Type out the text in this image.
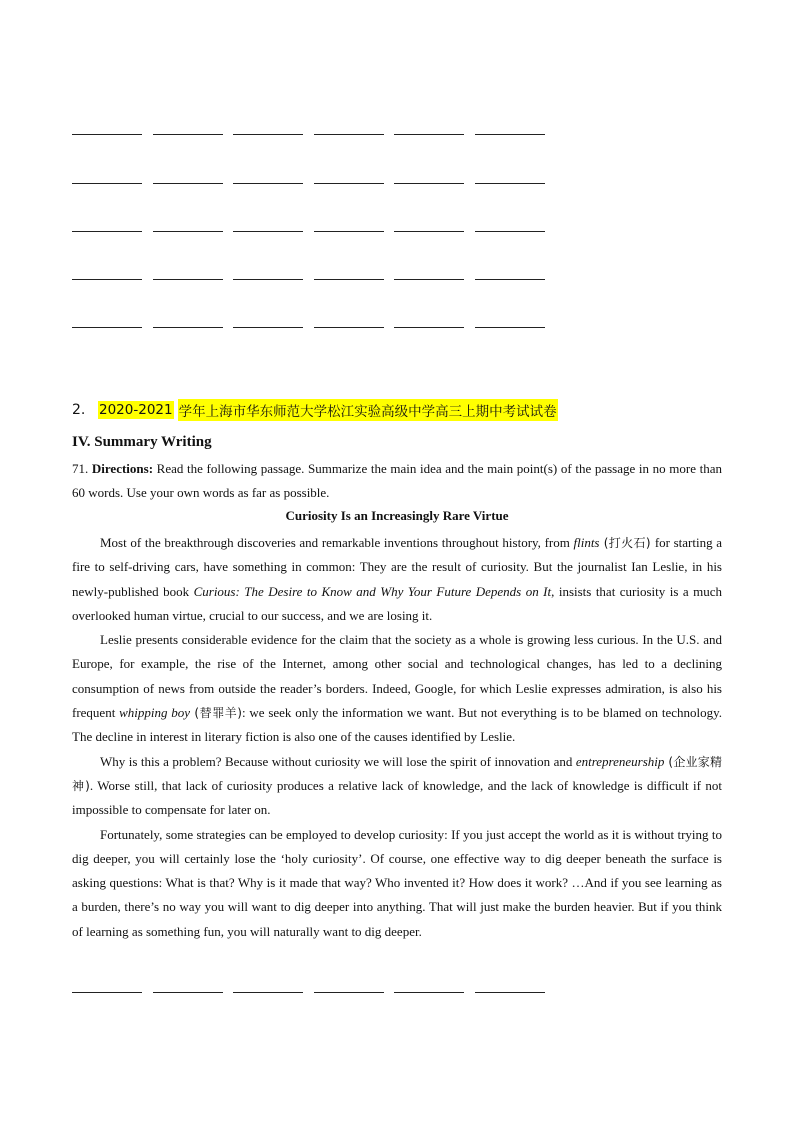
2.	2020-2021 学年上海市华东师范大学松江实验高级中学高三上期中考试试卷
IV. Summary Writing

71. Directions: Read the following passage. Summarize the main idea and the main point(s) of the passage in no more than 60 words. Use your own words as far as possible.

Curiosity Is an Increasingly Rare Virtue

Most of the breakthrough discoveries and remarkable inventions throughout history, from flints (打火石) for starting a fire to self-driving cars, have something in common: They are the result of curiosity. But the journalist Ian Leslie, in his newly-published book Curious: The Desire to Know and Why Your Future Depends on It, insists that curiosity is a much overlooked human virtue, crucial to our success, and we are losing it.

Leslie presents considerable evidence for the claim that the society as a whole is growing less curious. In the U.S. and Europe, for example, the rise of the Internet, among other social and technological changes, has led to a declining consumption of news from outside the reader’s borders. Indeed, Google, for which Leslie expresses admiration, is also his frequent whipping boy (替罪羊): we seek only the information we want. But not everything is to be blamed on technology. The decline in interest in literary fiction is also one of the causes identified by Leslie.

Why is this a problem? Because without curiosity we will lose the spirit of innovation and entrepreneurship (企业家精神). Worse still, that lack of curiosity produces a relative lack of knowledge, and the lack of knowledge is difficult if not impossible to compensate for later on.

Fortunately, some strategies can be employed to develop curiosity: If you just accept the world as it is without trying to dig deeper, you will certainly lose the ‘holy curiosity’. Of course, one effective way to dig deeper beneath the surface is asking questions: What is that? Why is it made that way? Who invented it? How does it work? …And if you see learning as a burden, there’s no way you will want to dig deeper into anything. That will just make the burden heavier. But if you think of learning as something fun, you will naturally want to dig deeper.
